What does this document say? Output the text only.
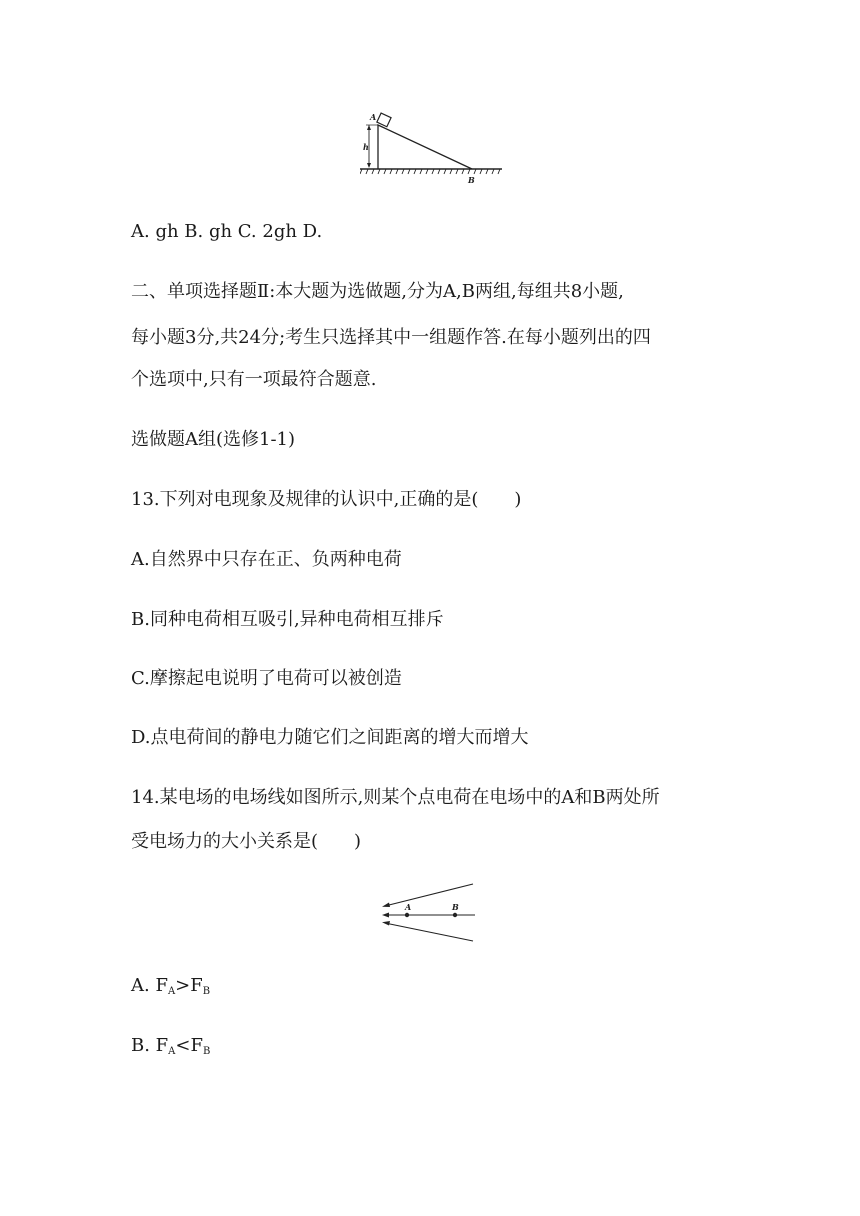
A
h
B
A. gh B. gh C. 2gh D.
二、单项选择题Ⅱ:本大题为选做题,分为A,B两组,每组共8小题,
每小题3分,共24分;考生只选择其中一组题作答.在每小题列出的四
个选项中,只有一项最符合题意.
选做题A组(选修1-1)
13.下列对电现象及规律的认识中,正确的是(　　)
A.自然界中只存在正、负两种电荷
B.同种电荷相互吸引,异种电荷相互排斥
C.摩擦起电说明了电荷可以被创造
D.点电荷间的静电力随它们之间距离的增大而增大
14.某电场的电场线如图所示,则某个点电荷在电场中的A和B两处所
受电场力的大小关系是(　　)
A	B
A. $F_A>F_B$
B. $F_A<F_B$
